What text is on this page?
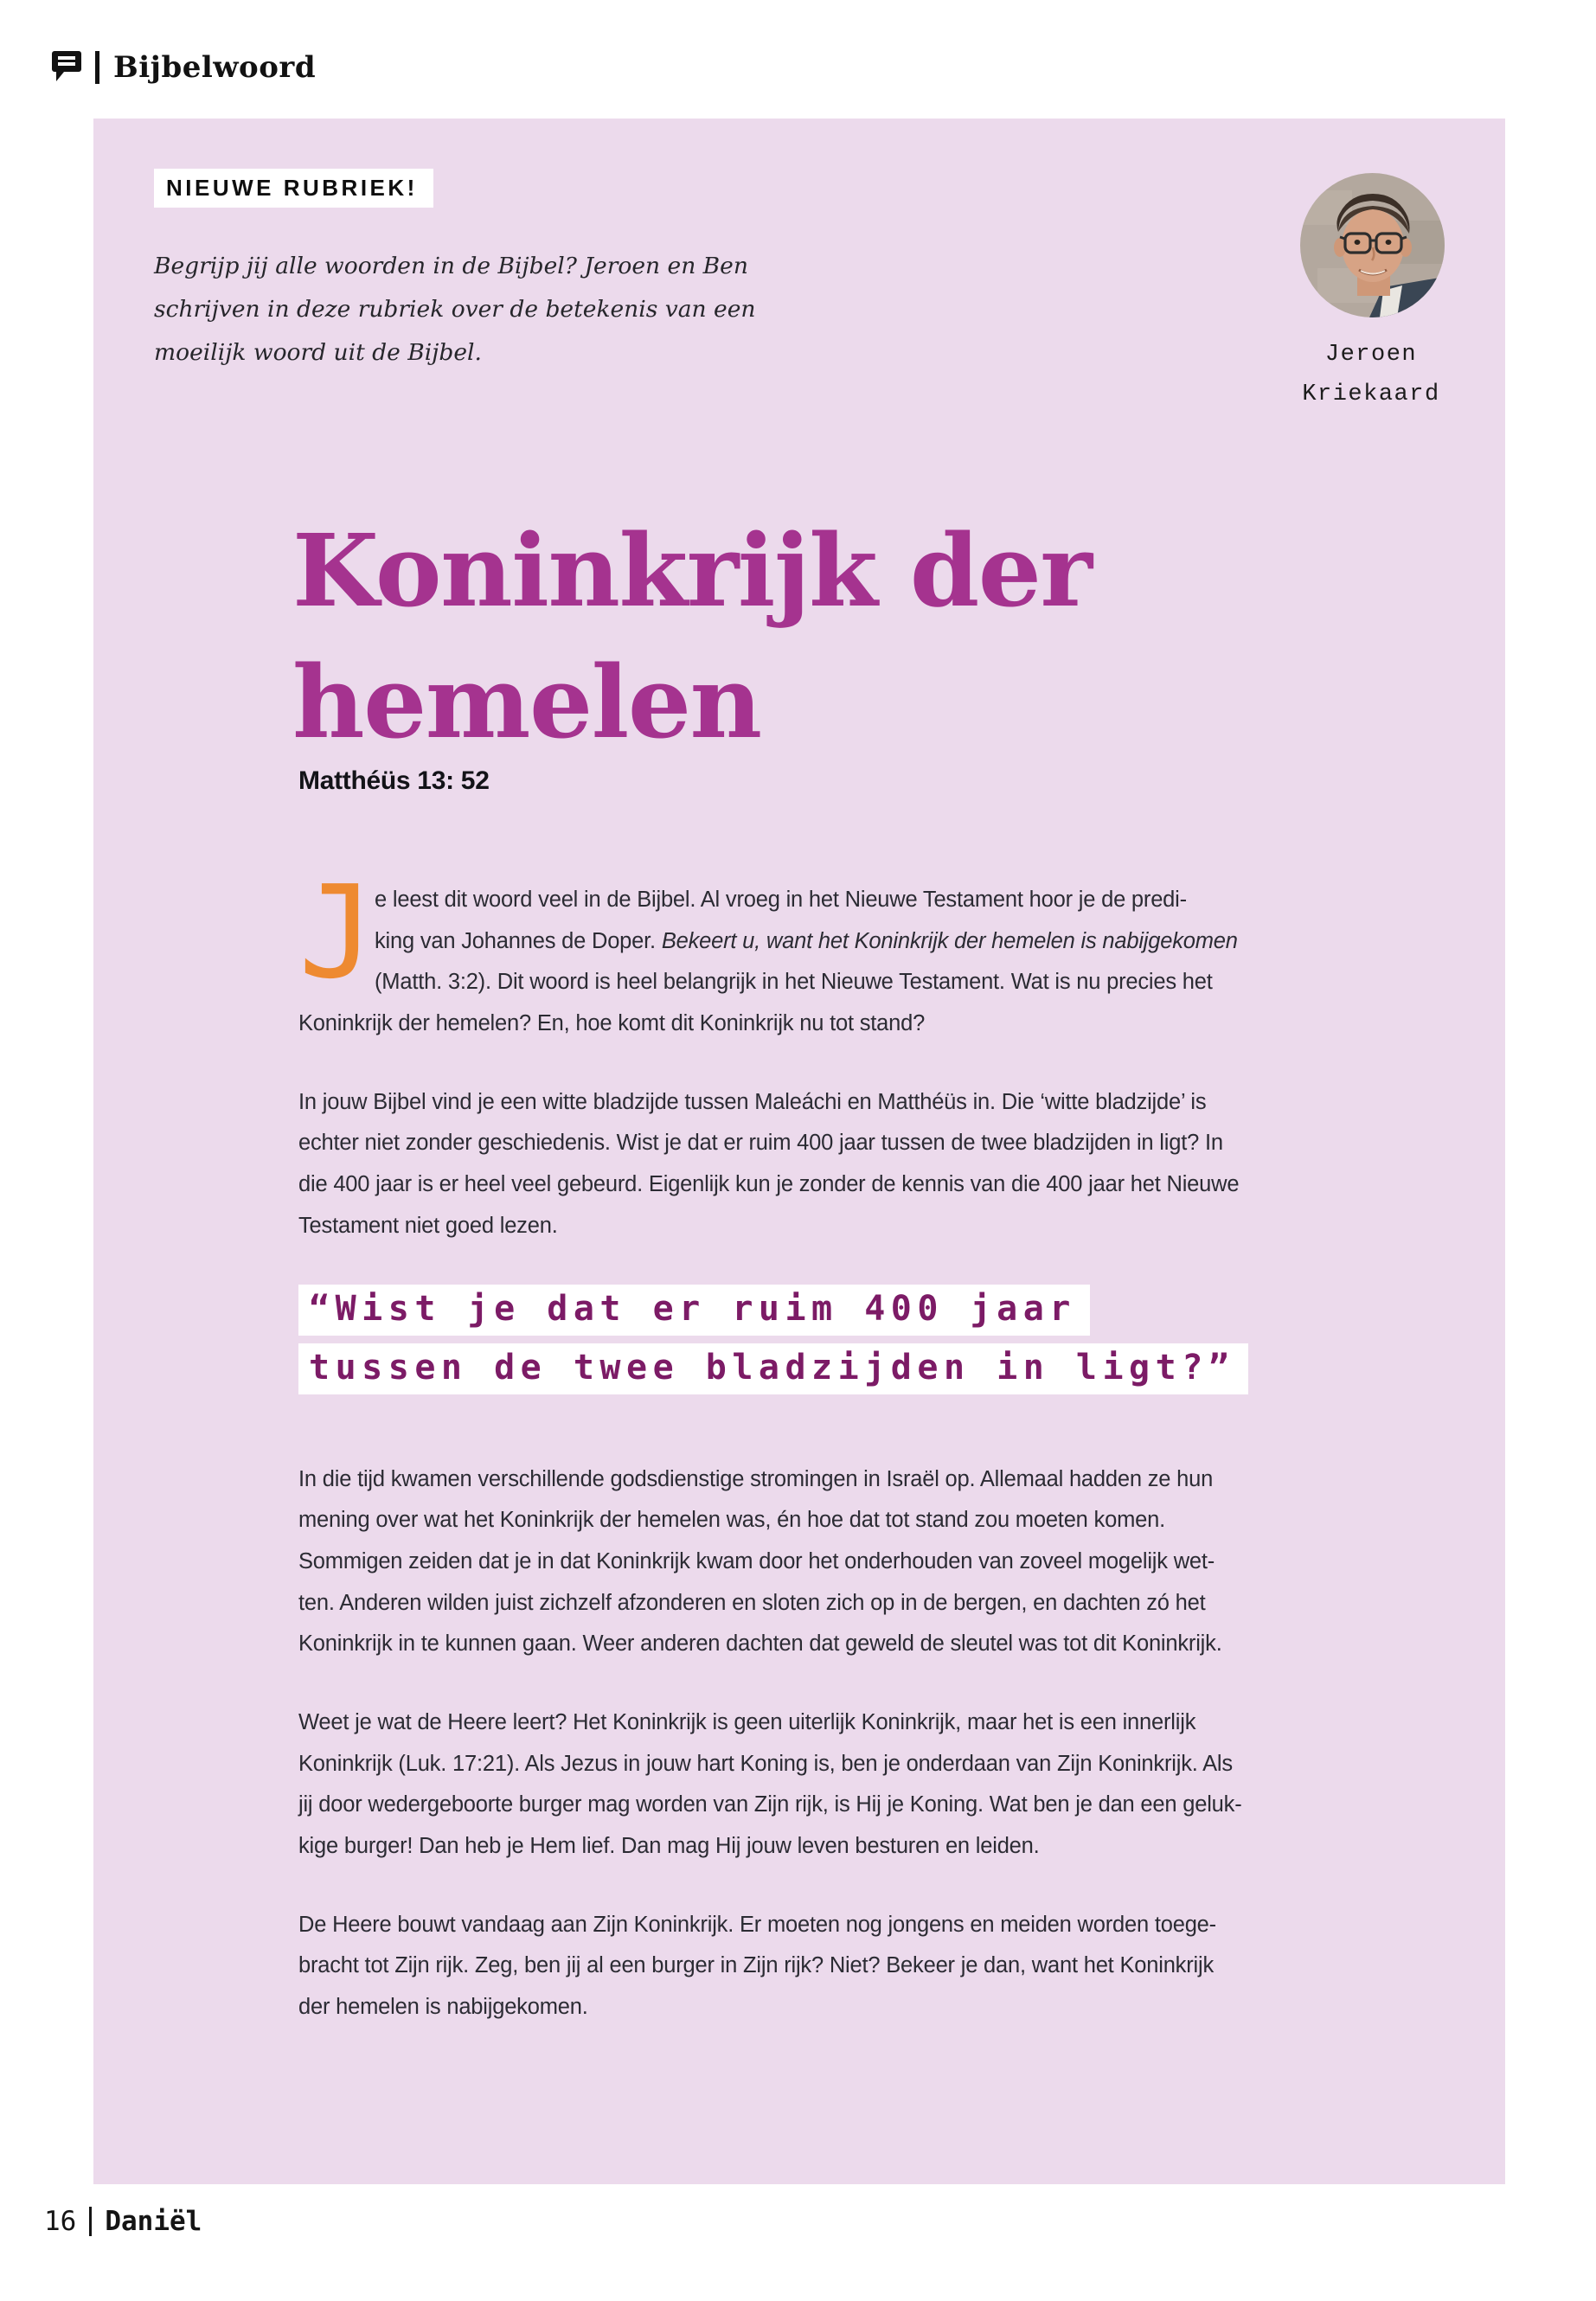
Bijbelwoord
NIEUWE RUBRIEK!
Begrijp jij alle woorden in de Bijbel? Jeroen en Ben
schrijven in deze rubriek over de betekenis van een
moeilijk woord uit de Bijbel.	Jeroen
Kriekaard
Koninkrijk der
hemelen
Matthéüs 13: 52
J
e leest dit woord veel in de Bijbel. Al vroeg in het Nieuwe Testament hoor je de predi-
king van Johannes de Doper. Bekeert u, want het Koninkrijk der hemelen is nabijgekomen
(Matth. 3:2). Dit woord is heel belangrijk in het Nieuwe Testament. Wat is nu precies het
Koninkrijk der hemelen? En, hoe komt dit Koninkrijk nu tot stand?
In jouw Bijbel vind je een witte bladzijde tussen Maleáchi en Matthéüs in. Die ‘witte bladzijde’ is
echter niet zonder geschiedenis. Wist je dat er ruim 400 jaar tussen de twee bladzijden in ligt? In
die 400 jaar is er heel veel gebeurd. Eigenlijk kun je zonder de kennis van die 400 jaar het Nieuwe
Testament niet goed lezen.
“Wist je dat er ruim 400 jaar
tussen de twee bladzijden in ligt?”
In die tijd kwamen verschillende godsdienstige stromingen in Israël op. Allemaal hadden ze hun
mening over wat het Koninkrijk der hemelen was, én hoe dat tot stand zou moeten komen.
Sommigen zeiden dat je in dat Koninkrijk kwam door het onderhouden van zoveel mogelijk wet-
ten. Anderen wilden juist zichzelf afzonderen en sloten zich op in de bergen, en dachten zó het
Koninkrijk in te kunnen gaan. Weer anderen dachten dat geweld de sleutel was tot dit Koninkrijk.
Weet je wat de Heere leert? Het Koninkrijk is geen uiterlijk Koninkrijk, maar het is een innerlijk
Koninkrijk (Luk. 17:21). Als Jezus in jouw hart Koning is, ben je onderdaan van Zijn Koninkrijk. Als
jij door wedergeboorte burger mag worden van Zijn rijk, is Hij je Koning. Wat ben je dan een geluk-
kige burger! Dan heb je Hem lief. Dan mag Hij jouw leven besturen en leiden.
De Heere bouwt vandaag aan Zijn Koninkrijk. Er moeten nog jongens en meiden worden toege-
bracht tot Zijn rijk. Zeg, ben jij al een burger in Zijn rijk? Niet? Bekeer je dan, want het Koninkrijk
der hemelen is nabijgekomen.
16 Daniël
